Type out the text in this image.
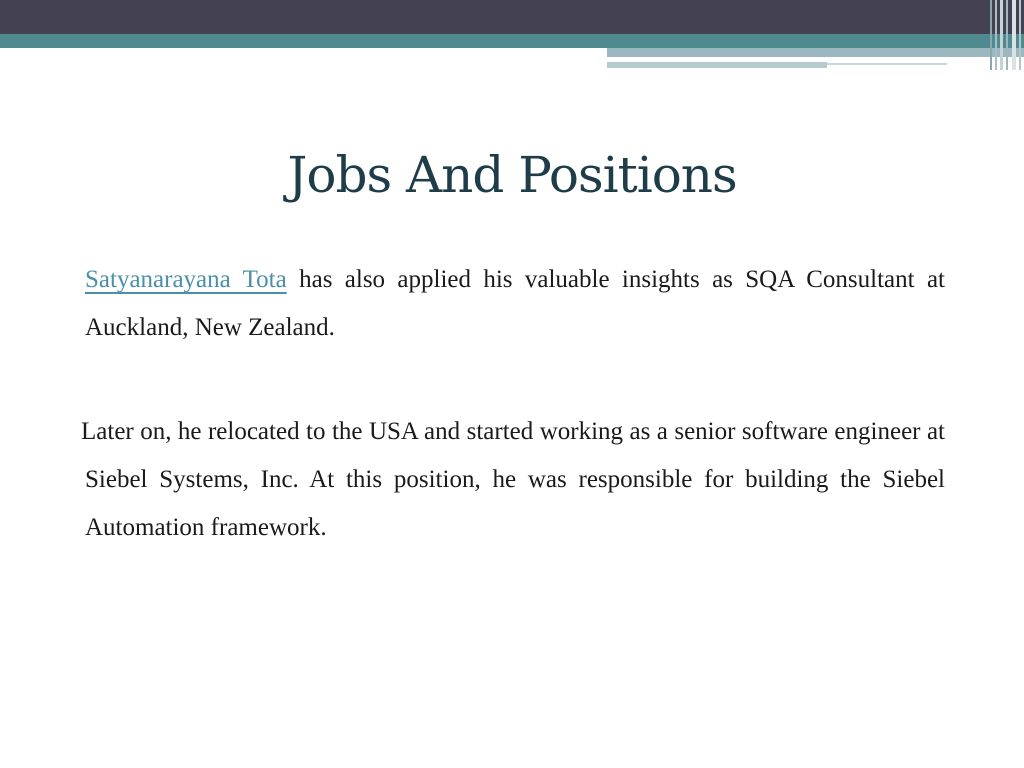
Jobs And Positions

Satyanarayana Tota has also applied his valuable insights as SQA Consultant at Auckland, New Zealand.

Later on, he relocated to the USA and started working as a senior software engineer at Siebel Systems, Inc. At this position, he was responsible for building the Siebel Automation framework.
